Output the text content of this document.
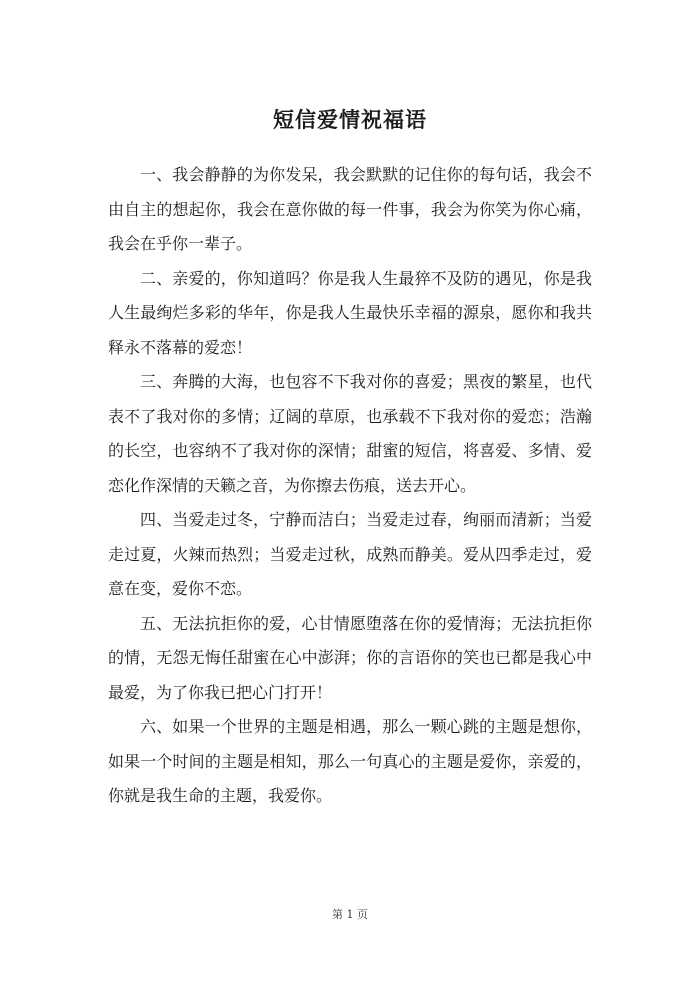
短信爱情祝福语

一、我会静静的为你发呆，我会默默的记住你的每句话，我会不由自主的想起你，我会在意你做的每一件事，我会为你笑为你心痛，我会在乎你一辈子。

二、亲爱的，你知道吗？你是我人生最猝不及防的遇见，你是我人生最绚烂多彩的华年，你是我人生最快乐幸福的源泉，愿你和我共释永不落幕的爱恋！

三、奔腾的大海，也包容不下我对你的喜爱；黑夜的繁星，也代表不了我对你的多情；辽阔的草原，也承载不下我对你的爱恋；浩瀚的长空，也容纳不了我对你的深情；甜蜜的短信，将喜爱、多情、爱恋化作深情的天籁之音，为你擦去伤痕，送去开心。

四、当爱走过冬，宁静而洁白；当爱走过春，绚丽而清新；当爱走过夏，火辣而热烈；当爱走过秋，成熟而静美。爱从四季走过，爱意在变，爱你不恋。

五、无法抗拒你的爱，心甘情愿堕落在你的爱情海；无法抗拒你的情，无怨无悔任甜蜜在心中澎湃；你的言语你的笑也已都是我心中最爱，为了你我已把心门打开！

六、如果一个世界的主题是相遇，那么一颗心跳的主题是想你，如果一个时间的主题是相知，那么一句真心的主题是爱你，亲爱的，你就是我生命的主题，我爱你。

第 1 页
